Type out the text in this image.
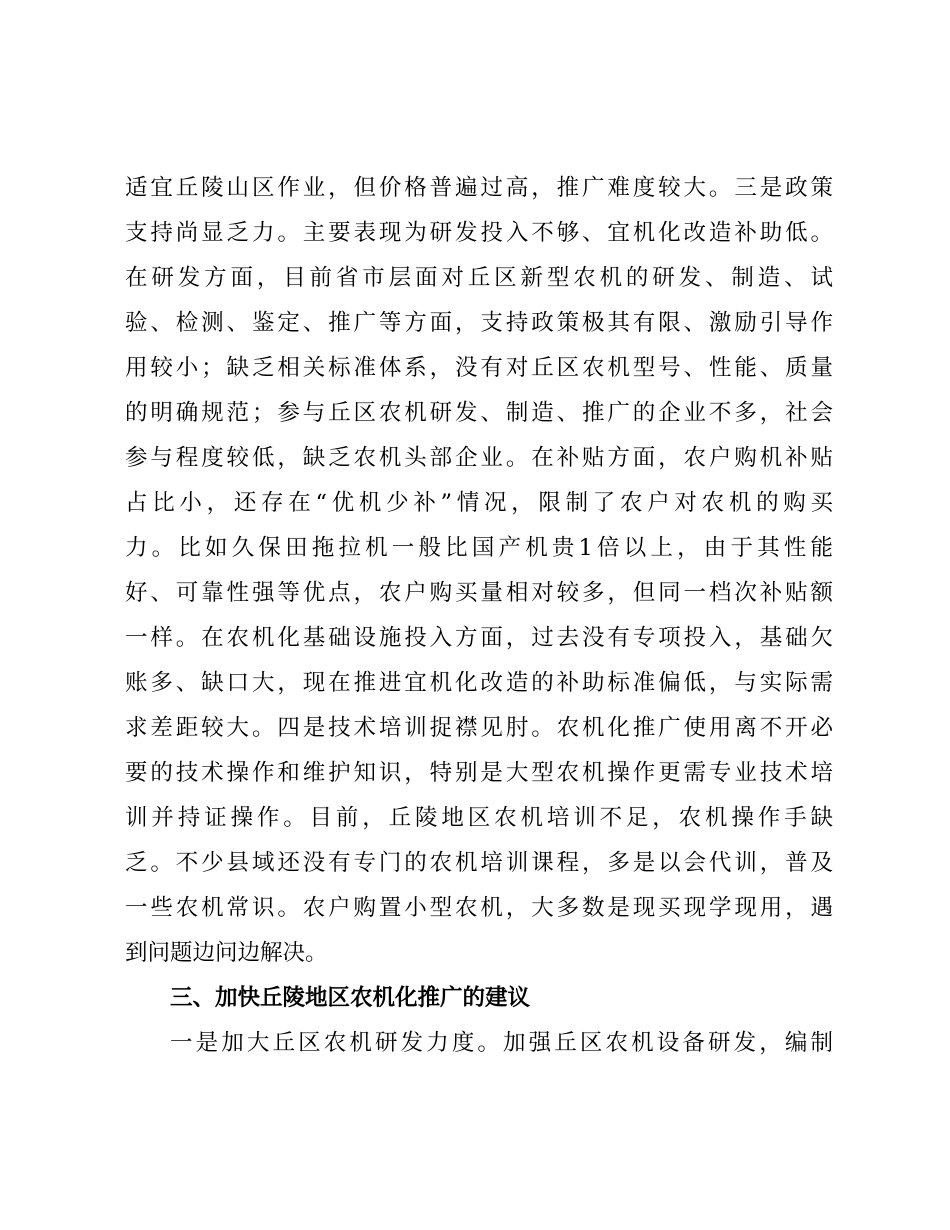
适宜丘陵山区作业，但价格普遍过高，推广难度较大。三是政策
支持尚显乏力。主要表现为研发投入不够、宜机化改造补助低。
在研发方面，目前省市层面对丘区新型农机的研发、制造、试
验、检测、鉴定、推广等方面，支持政策极其有限、激励引导作
用较小；缺乏相关标准体系，没有对丘区农机型号、性能、质量
的明确规范；参与丘区农机研发、制造、推广的企业不多，社会
参与程度较低，缺乏农机头部企业。在补贴方面，农户购机补贴
占比小，还存在“优机少补”情况，限制了农户对农机的购买
力。比如久保田拖拉机一般比国产机贵1倍以上，由于其性能
好、可靠性强等优点，农户购买量相对较多，但同一档次补贴额
一样。在农机化基础设施投入方面，过去没有专项投入，基础欠
账多、缺口大，现在推进宜机化改造的补助标准偏低，与实际需
求差距较大。四是技术培训捉襟见肘。农机化推广使用离不开必
要的技术操作和维护知识，特别是大型农机操作更需专业技术培
训并持证操作。目前，丘陵地区农机培训不足，农机操作手缺
乏。不少县域还没有专门的农机培训课程，多是以会代训，普及
一些农机常识。农户购置小型农机，大多数是现买现学现用，遇
到问题边问边解决。
三、加快丘陵地区农机化推广的建议
一是加大丘区农机研发力度。加强丘区农机设备研发，编制
